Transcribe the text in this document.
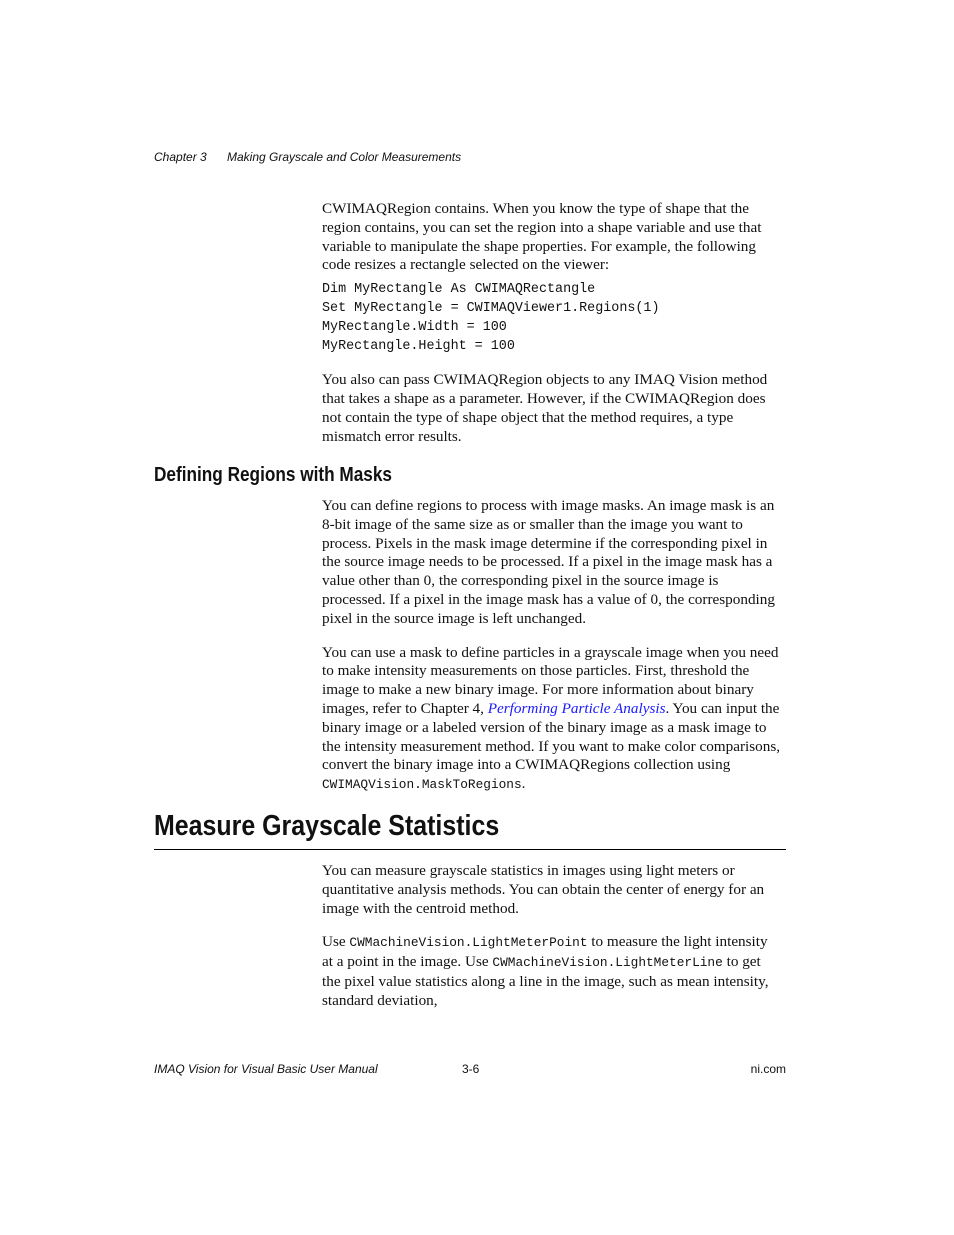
Chapter 3 Making Grayscale and Color Measurements

CWIMAQRegion contains. When you know the type of shape that the region contains, you can set the region into a shape variable and use that variable to manipulate the shape properties. For example, the following code resizes a rectangle selected on the viewer:

Dim MyRectangle As CWIMAQRectangle
Set MyRectangle = CWIMAQViewer1.Regions(1)
MyRectangle.Width = 100
MyRectangle.Height = 100

You also can pass CWIMAQRegion objects to any IMAQ Vision method that takes a shape as a parameter. However, if the CWIMAQRegion does not contain the type of shape object that the method requires, a type mismatch error results.

Defining Regions with Masks

You can define regions to process with image masks. An image mask is an 8-bit image of the same size as or smaller than the image you want to process. Pixels in the mask image determine if the corresponding pixel in the source image needs to be processed. If a pixel in the image mask has a value other than 0, the corresponding pixel in the source image is processed. If a pixel in the image mask has a value of 0, the corresponding pixel in the source image is left unchanged.

You can use a mask to define particles in a grayscale image when you need to make intensity measurements on those particles. First, threshold the image to make a new binary image. For more information about binary images, refer to Chapter 4, Performing Particle Analysis. You can input the binary image or a labeled version of the binary image as a mask image to the intensity measurement method. If you want to make color comparisons, convert the binary image into a CWIMAQRegions collection using CWIMAQVision.MaskToRegions.

Measure Grayscale Statistics

You can measure grayscale statistics in images using light meters or quantitative analysis methods. You can obtain the center of energy for an image with the centroid method.

Use CWMachineVision.LightMeterPoint to measure the light intensity at a point in the image. Use CWMachineVision.LightMeterLine to get the pixel value statistics along a line in the image, such as mean intensity, standard deviation,

IMAQ Vision for Visual Basic User Manual	3-6	ni.com
